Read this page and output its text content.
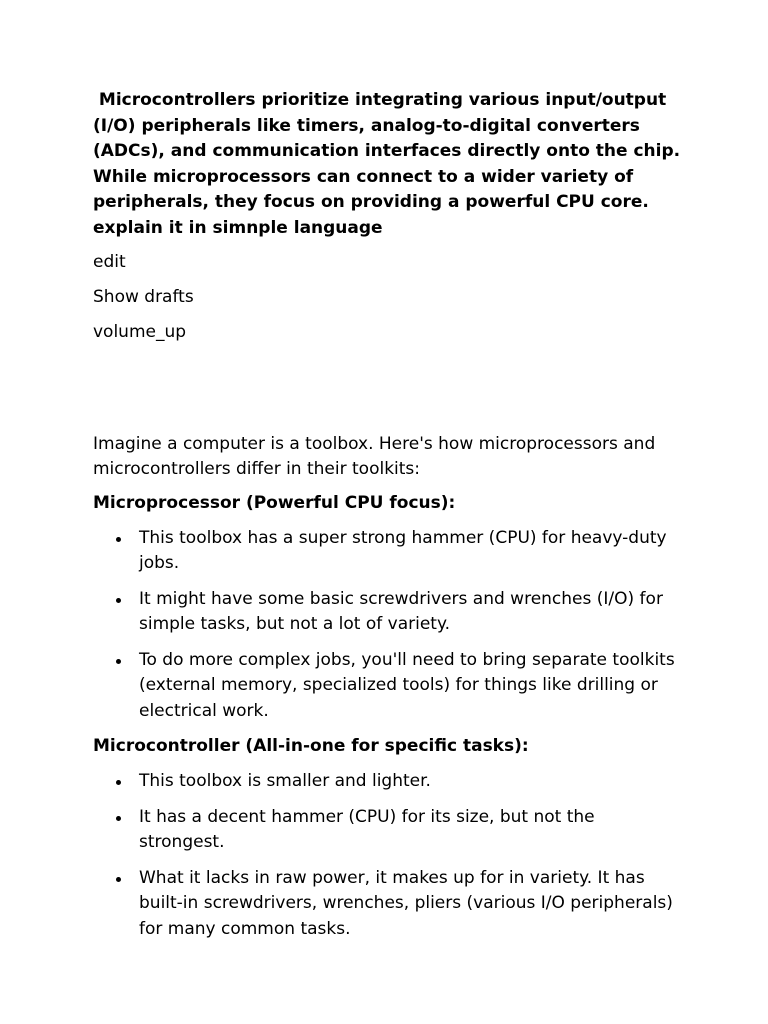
Microcontrollers prioritize integrating various input/output (I/O) peripherals like timers, analog-to-digital converters (ADCs), and communication interfaces directly onto the chip. While microprocessors can connect to a wider variety of peripherals, they focus on providing a powerful CPU core. explain it in simnple language

edit

Show drafts

volume_up

Imagine a computer is a toolbox. Here's how microprocessors and microcontrollers differ in their toolkits:

Microprocessor (Powerful CPU focus):

This toolbox has a super strong hammer (CPU) for heavy-duty jobs.
It might have some basic screwdrivers and wrenches (I/O) for simple tasks, but not a lot of variety.
To do more complex jobs, you'll need to bring separate toolkits (external memory, specialized tools) for things like drilling or electrical work.

Microcontroller (All-in-one for specific tasks):

This toolbox is smaller and lighter.
It has a decent hammer (CPU) for its size, but not the strongest.
What it lacks in raw power, it makes up for in variety. It has built-in screwdrivers, wrenches, pliers (various I/O peripherals) for many common tasks.
